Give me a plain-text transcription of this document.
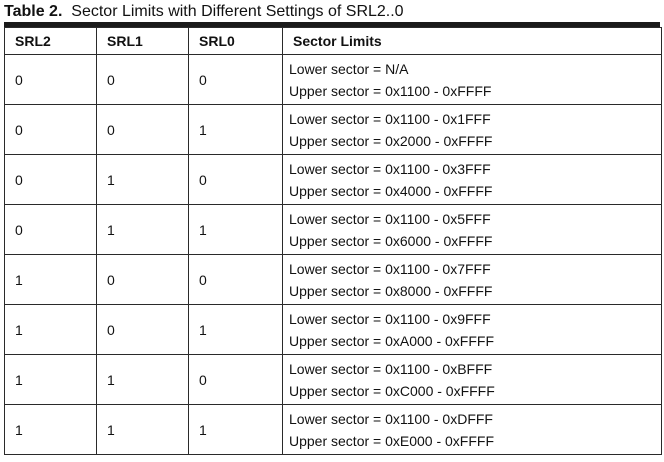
Table 2. Sector Limits with Different Settings of SRL2..0
SRL2	SRL1	SRL0	Sector Limits
0	0	0	Lower sector = N/A
Upper sector = 0x1100 - 0xFFFF

0	0	1	Lower sector = 0x1100 - 0x1FFF
Upper sector = 0x2000 - 0xFFFF

0	1	0	Lower sector = 0x1100 - 0x3FFF
Upper sector = 0x4000 - 0xFFFF

0	1	1	Lower sector = 0x1100 - 0x5FFF
Upper sector = 0x6000 - 0xFFFF

1	0	0	Lower sector = 0x1100 - 0x7FFF
Upper sector = 0x8000 - 0xFFFF

1	0	1	Lower sector = 0x1100 - 0x9FFF
Upper sector = 0xA000 - 0xFFFF

1	1	0	Lower sector = 0x1100 - 0xBFFF
Upper sector = 0xC000 - 0xFFFF

1	1	1	Lower sector = 0x1100 - 0xDFFF
Upper sector = 0xE000 - 0xFFFF
